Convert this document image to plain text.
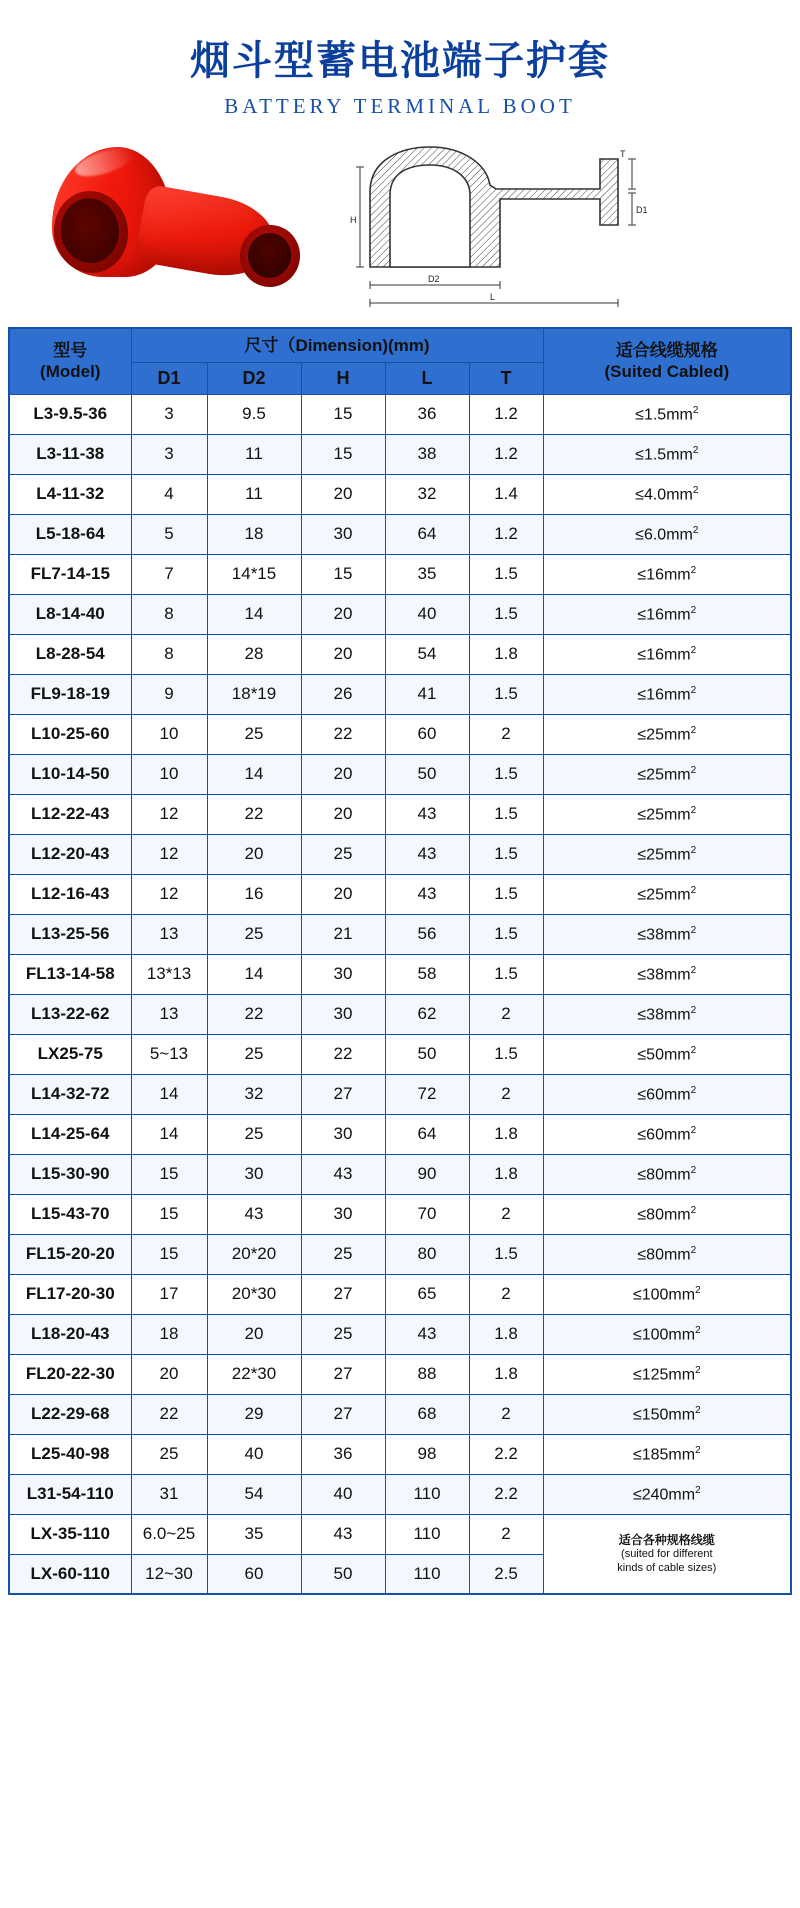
烟斗型蓄电池端子护套
BATTERY TERMINAL BOOT
H
D2
L
T
D1
型号
(Model)
	尺寸（Dimension)(mm)	适合线缆规格
(Suited Cabled)

	D1	D2	H	L	T	
L3-9.5-36	3	9.5	15	36	1.2	$\le 1.5mm^2$
L3-11-38	3	11	15	38	1.2	$\le 1.5mm^2$
L4-11-32	4	11	20	32	1.4	$\le 4.0mm^2$
L5-18-64	5	18	30	64	1.2	$\le 6.0mm^2$
FL7-14-15	7	14*15	15	35	1.5	$\le 16mm^2$
L8-14-40	8	14	20	40	1.5	$\le 16mm^2$
L8-28-54	8	28	20	54	1.8	$\le 16mm^2$
FL9-18-19	9	18*19	26	41	1.5	$\le 16mm^2$
L10-25-60	10	25	22	60	2	$\le 25mm^2$
L10-14-50	10	14	20	50	1.5	$\le 25mm^2$
L12-22-43	12	22	20	43	1.5	$\le 25mm^2$
L12-20-43	12	20	25	43	1.5	$\le 25mm^2$
L12-16-43	12	16	20	43	1.5	$\le 25mm^2$
L13-25-56	13	25	21	56	1.5	$\le 38mm^2$
FL13-14-58	13*13	14	30	58	1.5	$\le 38mm^2$
L13-22-62	13	22	30	62	2	$\le 38mm^2$
LX25-75	5~13	25	22	50	1.5	$\le 50mm^2$
L14-32-72	14	32	27	72	2	$\le 60mm^2$
L14-25-64	14	25	30	64	1.8	$\le 60mm^2$
L15-30-90	15	30	43	90	1.8	$\le 80mm^2$
L15-43-70	15	43	30	70	2	$\le 80mm^2$
FL15-20-20	15	20*20	25	80	1.5	$\le 80mm^2$
FL17-20-30	17	20*30	27	65	2	$\le 100mm^2$
L18-20-43	18	20	25	43	1.8	$\le 100mm^2$
FL20-22-30	20	22*30	27	88	1.8	$\le 125mm^2$
L22-29-68	22	29	27	68	2	$\le 150mm^2$
L25-40-98	25	40	36	98	2.2	$\le 185mm^2$
L31-54-110	31	54	40	110	2.2	$\le 240mm^2$
LX-35-110	6.0~25	35	43	110	2	适合各种规格线缆
(suited for different
kinds of cable sizes)

LX-60-110	12~30	60	50	110	2.5	
